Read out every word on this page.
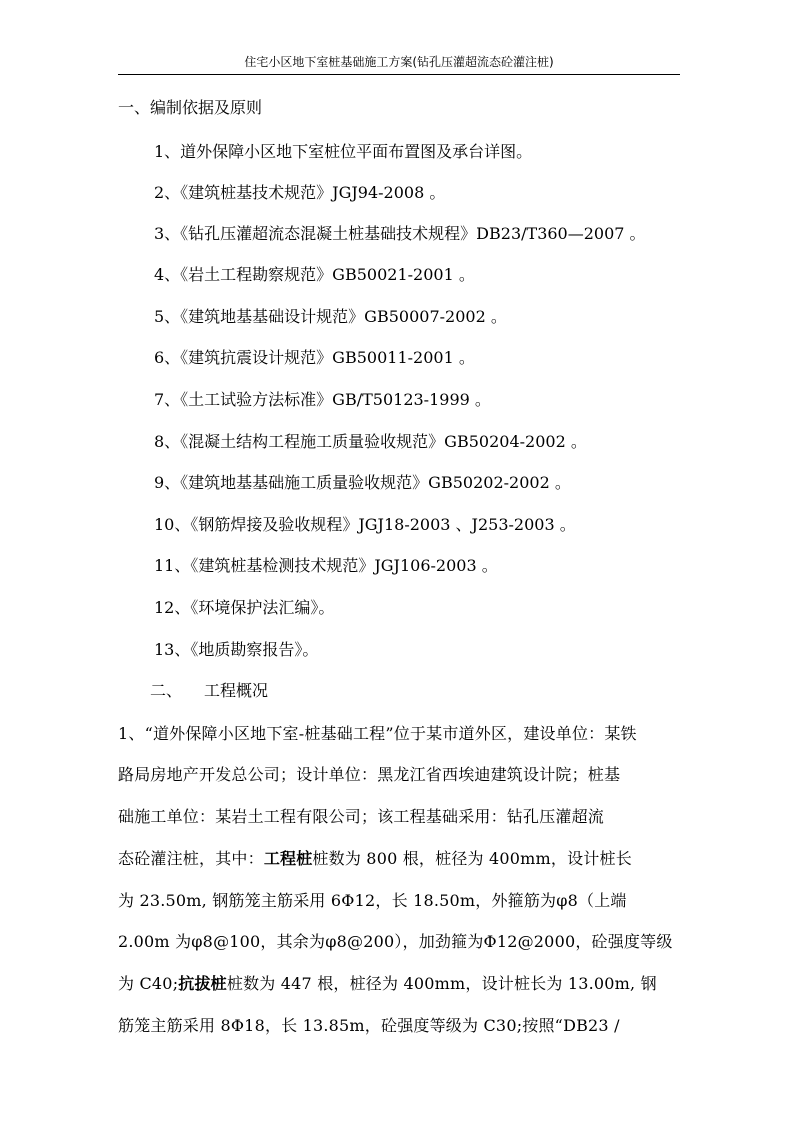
住宅小区地下室桩基础施工方案(钻孔压灌超流态砼灌注桩)
一、编制依据及原则
1、道外保障小区地下室桩位平面布置图及承台详图。
2、《建筑桩基技术规范》JGJ94-2008 。
3、《钻孔压灌超流态混凝土桩基础技术规程》DB23/T360—2007 。
4、《岩土工程勘察规范》GB50021-2001 。
5、《建筑地基基础设计规范》GB50007-2002 。
6、《建筑抗震设计规范》GB50011-2001 。
7、《土工试验方法标准》GB/T50123-1999 。
8、《混凝土结构工程施工质量验收规范》GB50204-2002 。
9、《建筑地基基础施工质量验收规范》GB50202-2002 。
10、《钢筋焊接及验收规程》JGJ18-2003 、J253-2003 。
11、《建筑桩基检测技术规范》JGJ106-2003 。
12、《环境保护法汇编》。
13、《地质勘察报告》。
二、 工程概况
1、“道外保障小区地下室-桩基础工程”位于某市道外区，建设单位：某铁
路局房地产开发总公司；设计单位：黑龙江省西埃迪建筑设计院；桩基
础施工单位：某岩土工程有限公司；该工程基础采用：钻孔压灌超流
态砼灌注桩，其中：工程桩桩数为 800 根，桩径为 400mm，设计桩长
为 23.50m, 钢筋笼主筋采用 6Φ12，长 18.50m，外箍筋为φ8（上端
2.00m 为φ8@100，其余为φ8@200），加劲箍为Φ12@2000，砼强度等级
为 C40;抗拔桩桩数为 447 根，桩径为 400mm，设计桩长为 13.00m, 钢
筋笼主筋采用 8Φ18，长 13.85m，砼强度等级为 C30;按照“DB23 /
